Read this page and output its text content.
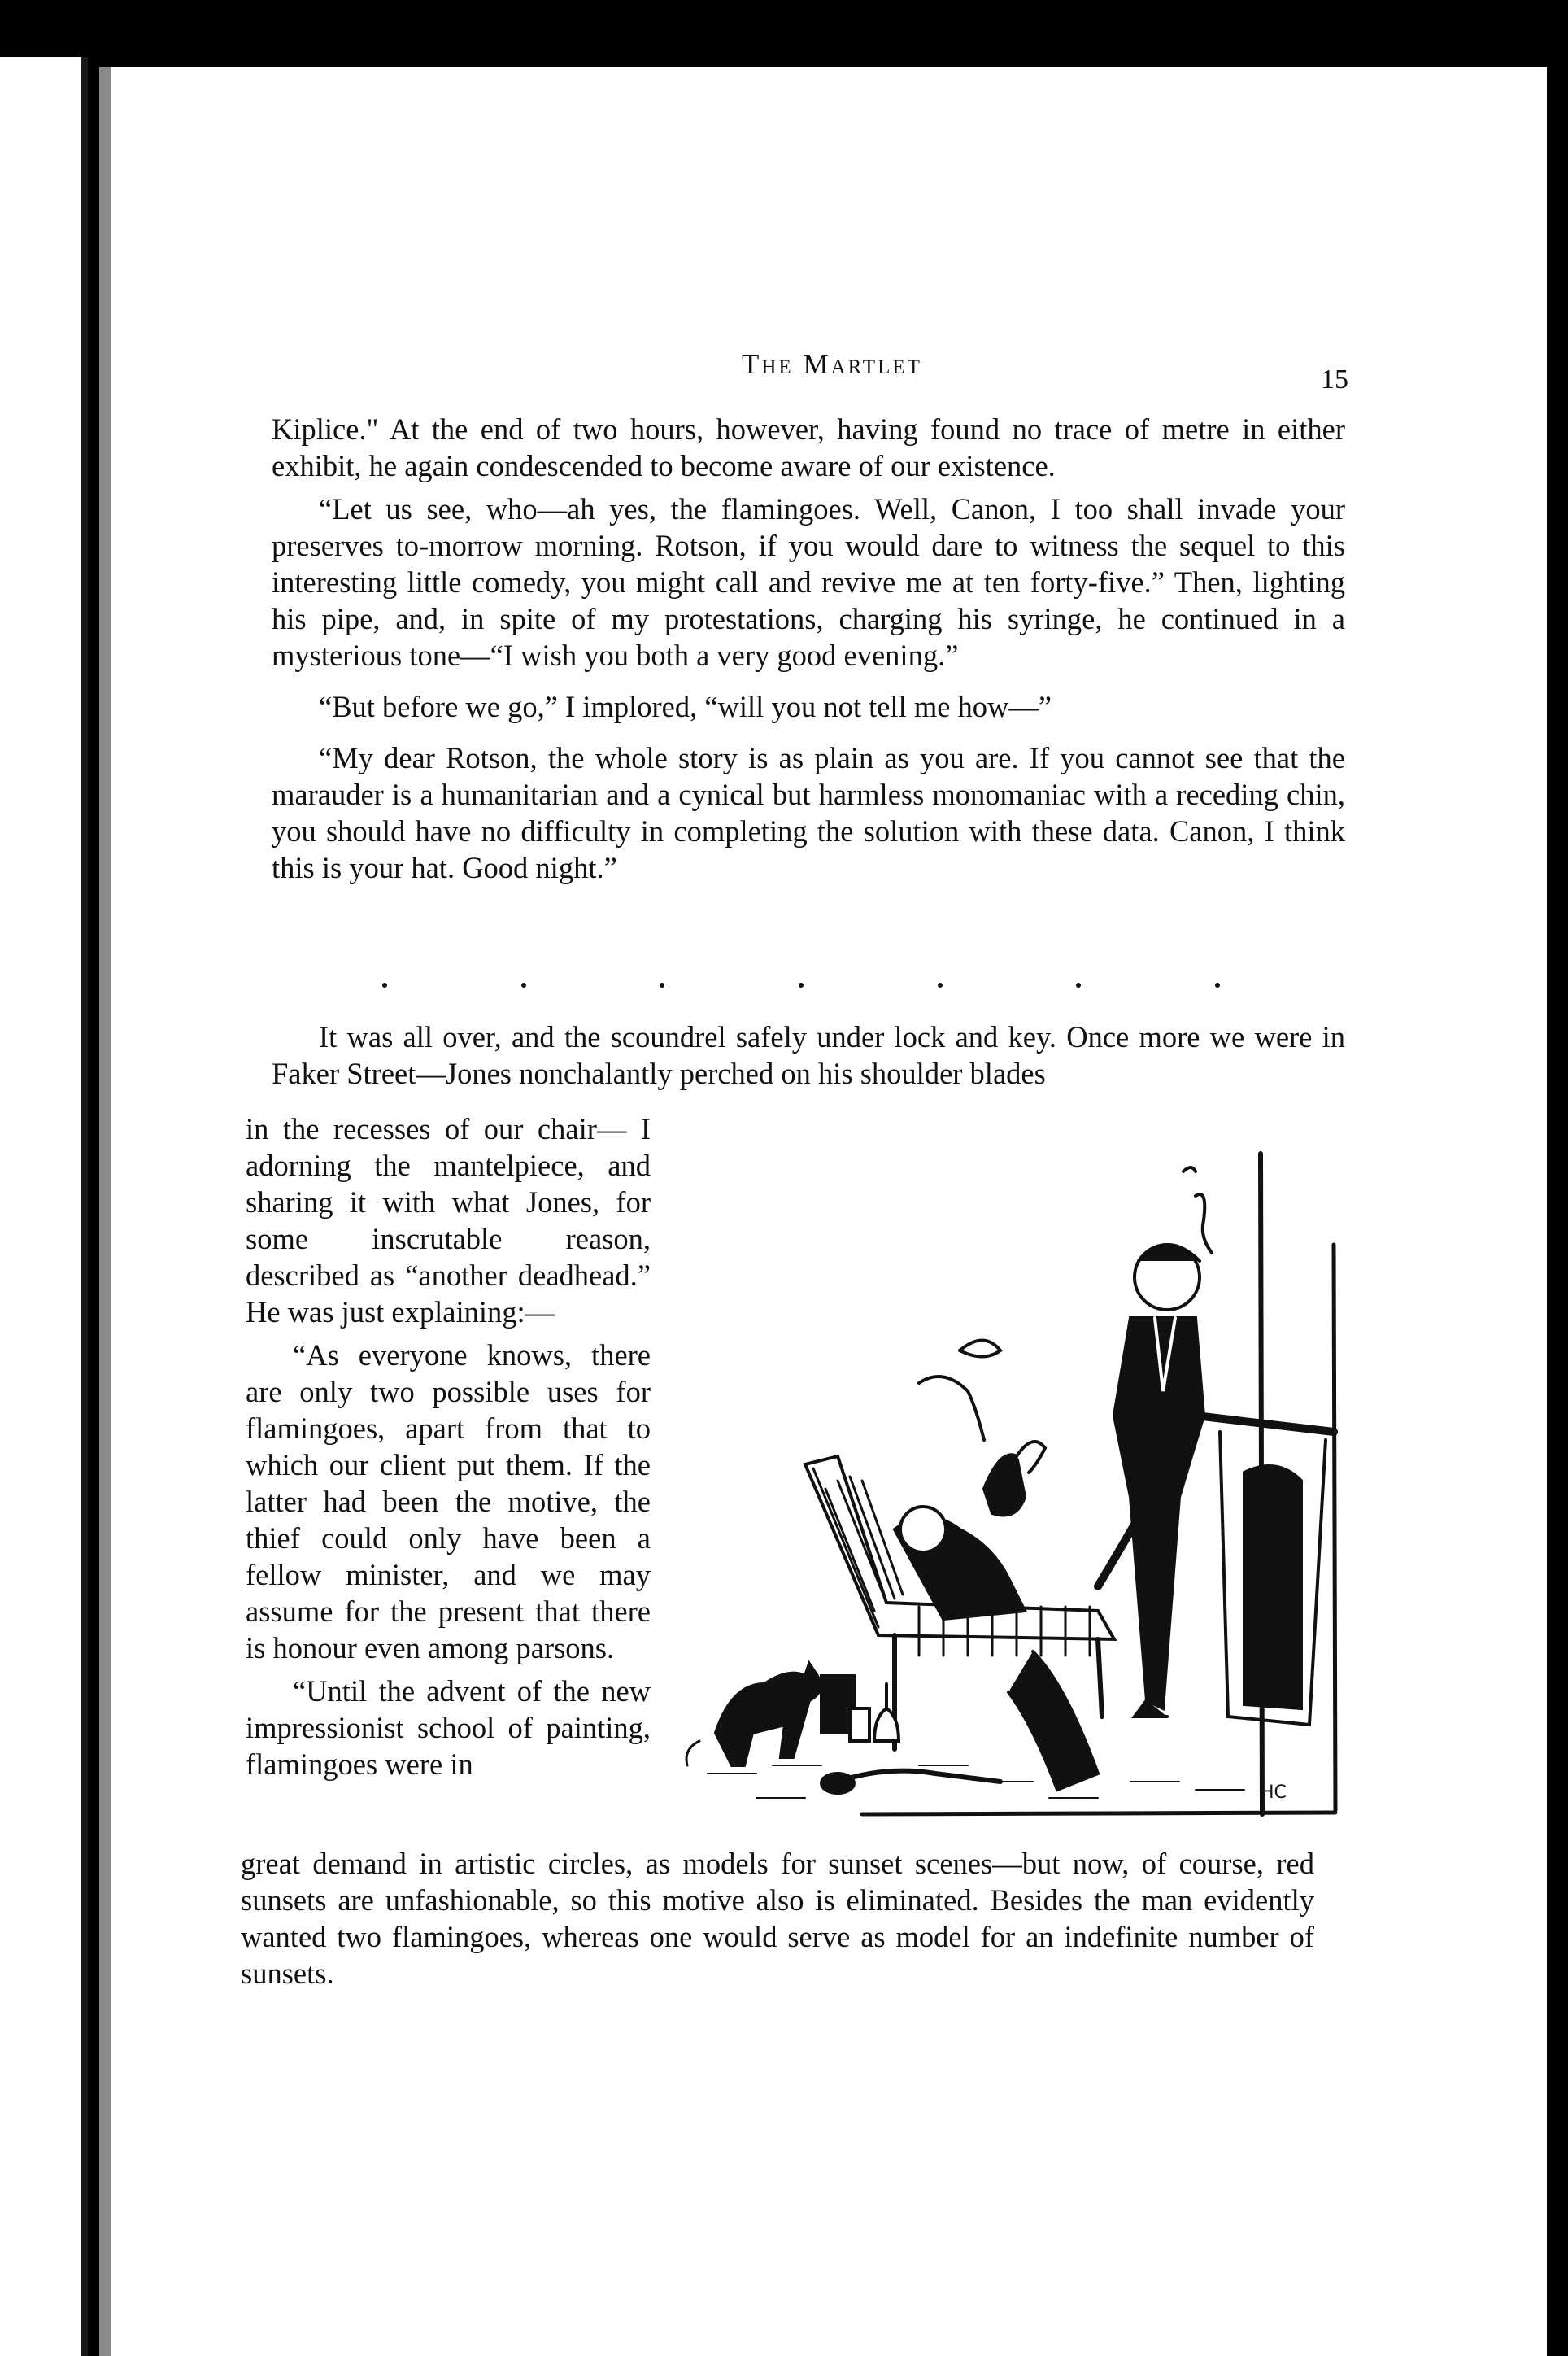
The Martlet	15

Kiplice." At the end of two hours, however, having found no trace of metre in either exhibit, he again condescended to become aware of our existence.

“Let us see, who—ah yes, the flamingoes. Well, Canon, I too shall invade your preserves to-morrow morning. Rotson, if you would dare to witness the sequel to this interesting little comedy, you might call and revive me at ten forty-five.” Then, lighting his pipe, and, in spite of my protestations, charging his syringe, he continued in a mysterious tone—“I wish you both a very good evening.”

“But before we go,” I implored, “will you not tell me how—”

“My dear Rotson, the whole story is as plain as you are. If you cannot see that the marauder is a humanitarian and a cynical but harmless monomaniac with a receding chin, you should have no difficulty in completing the solution with these data. Canon, I think this is your hat. Good night.”

It was all over, and the scoundrel safely under lock and key. Once more we were in Faker Street—Jones nonchalantly perched on his shoulder blades

in the recesses of our chair— I adorning the mantelpiece, and sharing it with what Jones, for some inscrutable reason, described as “another deadhead.” He was just explaining:—

“As everyone knows, there are only two possible uses for flamingoes, apart from that to which our client put them. If the latter had been the motive, the thief could only have been a fellow minister, and we may assume for the present that there is honour even among parsons.

“Until the advent of the new impressionist school of painting, flamingoes were in

HC

great demand in artistic circles, as models for sunset scenes—but now, of course, red sunsets are unfashionable, so this motive also is eliminated. Besides the man evidently wanted two flamingoes, whereas one would serve as model for an indefinite number of sunsets.
